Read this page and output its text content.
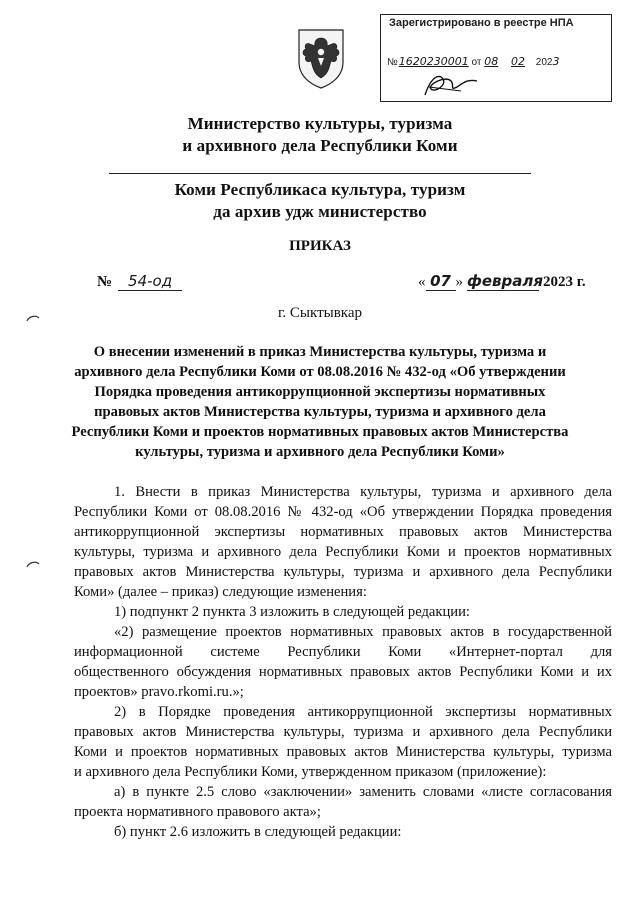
Зарегистрировано в реестре НПА
№1620230001 от 08 02 2023
Министерство культуры, туризма
и архивного дела Республики Коми
Коми Республикаса культура, туризм
да архив удж министерство
ПРИКАЗ
№ 54-од	« 07 » февраля2023 г.
г. Сыктывкар
О внесении изменений в приказ Министерства культуры, туризма и
архивного дела Республики Коми от 08.08.2016 № 432-од «Об утверждении
Порядка проведения антикоррупционной экспертизы нормативных
правовых актов Министерства культуры, туризма и архивного дела
Республики Коми и проектов нормативных правовых актов Министерства
культуры, туризма и архивного дела Республики Коми»
1. Внести в приказ Министерства культуры, туризма и архивного дела
Республики Коми от 08.08.2016 № 432-од «Об утверждении Порядка проведения
антикоррупционной экспертизы нормативных правовых актов Министерства
культуры, туризма и архивного дела Республики Коми и проектов нормативных
правовых актов Министерства культуры, туризма и архивного дела Республики
Коми» (далее – приказ) следующие изменения:
1) подпункт 2 пункта 3 изложить в следующей редакции:
«2) размещение проектов нормативных правовых актов в государственной
информационной системе Республики Коми «Интернет-портал для
общественного обсуждения нормативных правовых актов Республики Коми и их
проектов» pravo.rkomi.ru.»;
2) в Порядке проведения антикоррупционной экспертизы нормативных
правовых актов Министерства культуры, туризма и архивного дела Республики
Коми и проектов нормативных правовых актов Министерства культуры, туризма
и архивного дела Республики Коми, утвержденном приказом (приложение):
а) в пункте 2.5 слово «заключении» заменить словами «листе согласования
проекта нормативного правового акта»;
б) пункт 2.6 изложить в следующей редакции:
